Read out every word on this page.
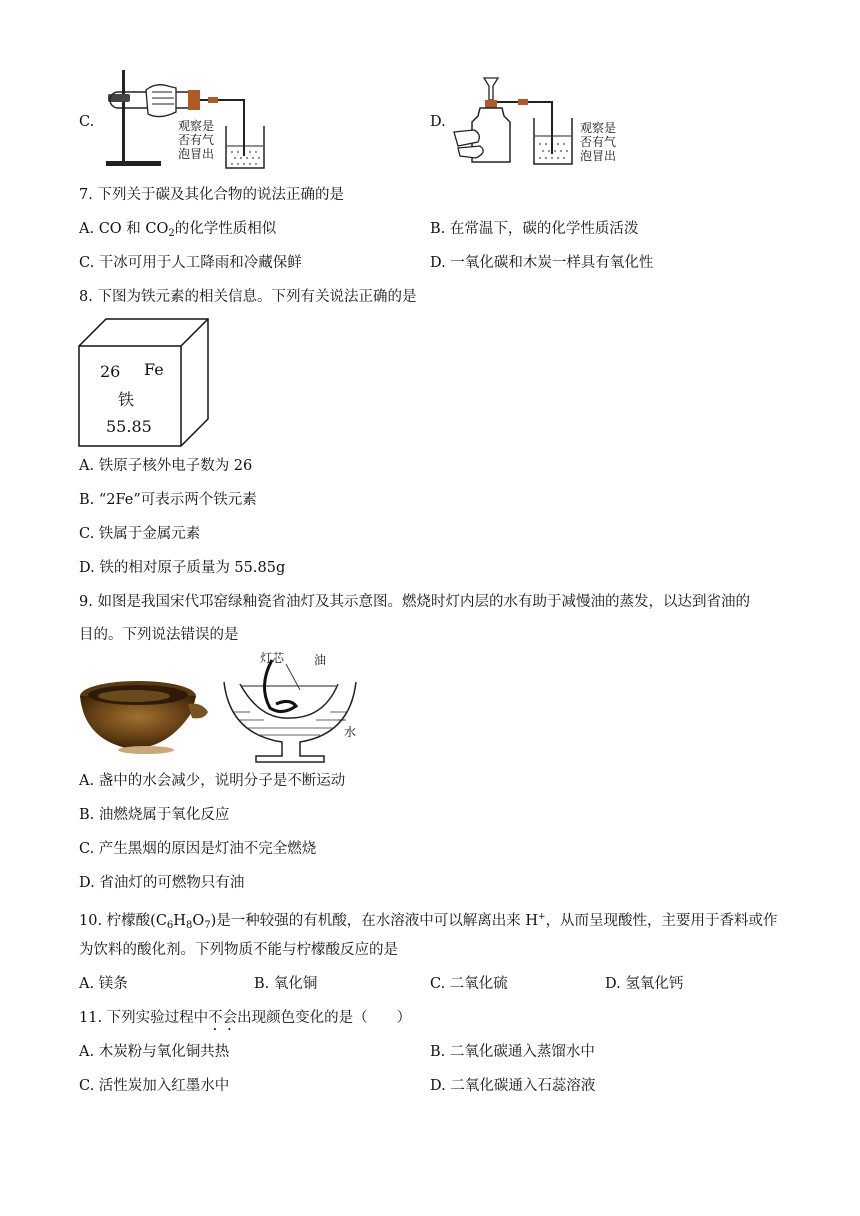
C.	观察是
否有气
泡冒出
D.	观察是
否有气
泡冒出
7. 下列关于碳及其化合物的说法正确的是
A. CO 和 $CO_2$的化学性质相似	B. 在常温下，碳的化学性质活泼
C. 干冰可用于人工降雨和冷藏保鲜	D. 一氧化碳和木炭一样具有氧化性
8. 下图为铁元素的相关信息。下列有关说法正确的是
26 Fe
铁
55.85
A. 铁原子核外电子数为 26
B. “2Fe”可表示两个铁元素
C. 铁属于金属元素
D. 铁的相对原子质量为 55.85g
9. 如图是我国宋代邛窑绿釉瓷省油灯及其示意图。燃烧时灯内层的水有助于减慢油的蒸发，以达到省油的
目的。下列说法错误的是
灯芯 油
水
A. 盏中的水会减少，说明分子是不断运动
B. 油燃烧属于氧化反应
C. 产生黑烟的原因是灯油不完全燃烧
D. 省油灯的可燃物只有油
10. 柠檬酸$(C_6H_8O_7)$是一种较强的有机酸，在水溶液中可以解离出来 H+，从而呈现酸性，主要用于香料或作
为饮料的酸化剂。下列物质不能与柠檬酸反应的是
A. 镁条	B. 氧化铜	C. 二氧化硫	D. 氢氧化钙
11. 下列实验过程中不会出现颜色变化的是（　　）
A. 木炭粉与氧化铜共热	B. 二氧化碳通入蒸馏水中
C. 活性炭加入红墨水中	D. 二氧化碳通入石蕊溶液
